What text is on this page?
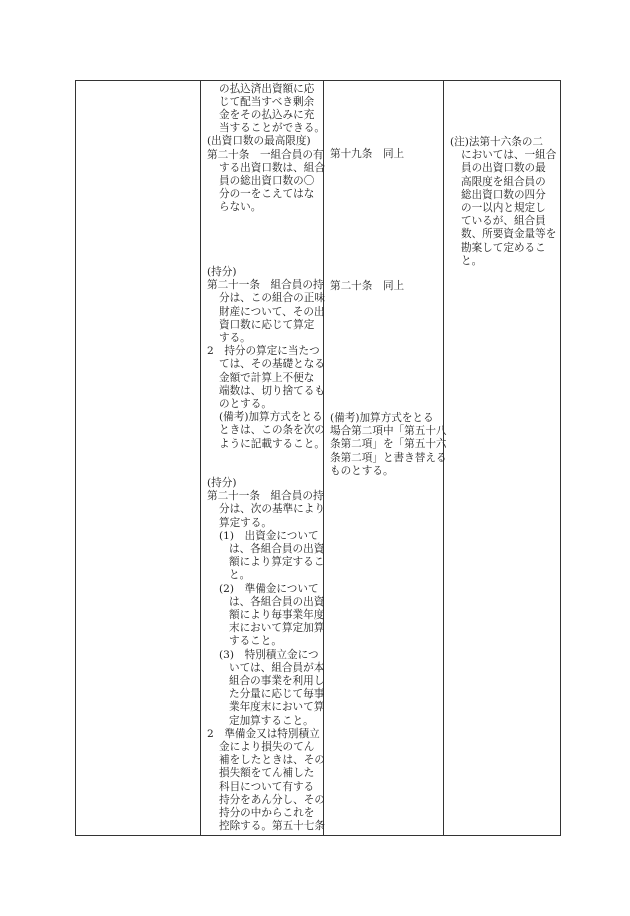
の払込済出資額に応
じて配当すべき剰余
金をその払込みに充
当することができる。
(出資口数の最高限度)
第二十条　一組合員の有
する出資口数は、組合
員の総出資口数の〇
分の一をこえてはな
らない。
(持分)
第二十一条　組合員の持
分は、この組合の正味
財産について、その出
資口数に応じて算定
する。
2　持分の算定に当たつ
ては、その基礎となる
金額で計算上不便な
端数は、切り捨てるも
のとする。
(備考)加算方式をとる
ときは、この条を次の
ように記載すること。
(持分)
第二十一条　組合員の持
分は、次の基準により
算定する。
(1)　出資金について
は、各組合員の出資
額により算定するこ
と。
(2)　準備金について
は、各組合員の出資
額により毎事業年度
末において算定加算
すること。
(3)　特別積立金につ
いては、組合員が本
組合の事業を利用し
た分量に応じて毎事
業年度末において算
定加算すること。
2　準備金又は特別積立
金により損失のてん
補をしたときは、その
損失額をてん補した
科目について有する
持分をあん分し、その
持分の中からこれを
控除する。第五十七条
第十九条　同上
第二十条　同上
(備考)加算方式をとる
場合第二項中「第五十八
条第二項」を「第五十六
条第二項」と書き替える
ものとする。
(注)法第十六条の二
においては、一組合
員の出資口数の最
高限度を組合員の
総出資口数の四分
の一以内と規定し
ているが、組合員
数、所要資金量等を
勘案して定めるこ
と。
